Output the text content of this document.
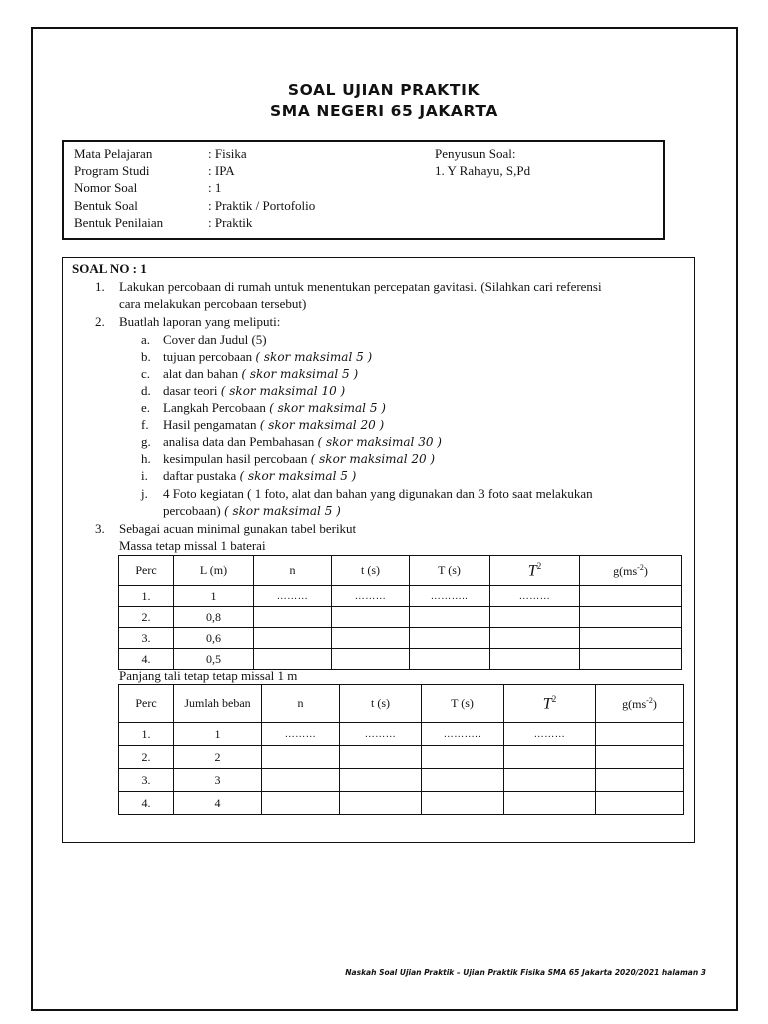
SOAL UJIAN PRAKTIK
SMA NEGERI 65 JAKARTA
Mata Pelajaran	: Fisika
Program Studi	: IPA
Nomor Soal	: 1
Bentuk Soal	: Praktik / Portofolio
Bentuk Penilaian	: Praktik
Penyusun Soal:
1. Y Rahayu, S,Pd
SOAL NO : 1
1. Lakukan percobaan di rumah untuk menentukan percepatan gavitasi. (Silahkan cari referensi
cara melakukan percobaan tersebut)
2. Buatlah laporan yang meliputi:
a. Cover dan Judul (5)
b. tujuan percobaan ( skor maksimal 5 )
c. alat dan bahan ( skor maksimal 5 )
d. dasar teori ( skor maksimal 10 )
e. Langkah Percobaan ( skor maksimal 5 )
f. Hasil pengamatan ( skor maksimal 20 )
g. analisa data dan Pembahasan ( skor maksimal 30 )
h. kesimpulan hasil percobaan ( skor maksimal 20 )
i. daftar pustaka ( skor maksimal 5 )
j. 4 Foto kegiatan ( 1 foto, alat dan bahan yang digunakan dan 3 foto saat melakukan
percobaan) ( skor maksimal 5 )
3. Sebagai acuan minimal gunakan tabel berikut
Massa tetap missal 1 baterai
Perc	L (m)	n	t (s)	T (s)	$T^2$	$g(ms^{-2})$
1.	1	………	………	………..	………	
2.	0,8					
3.	0,6					
4.	0,5					
Panjang tali tetap tetap missal 1 m
Perc	Jumlah beban	n	t (s)	T (s)	$T^2$	$g(ms^{-2})$
1.	1	………	………	………..	………	
2.	2					
3.	3					
4.	4					
Naskah Soal Ujian Praktik – Ujian Praktik Fisika SMA 65 Jakarta 2020/2021 halaman 3
